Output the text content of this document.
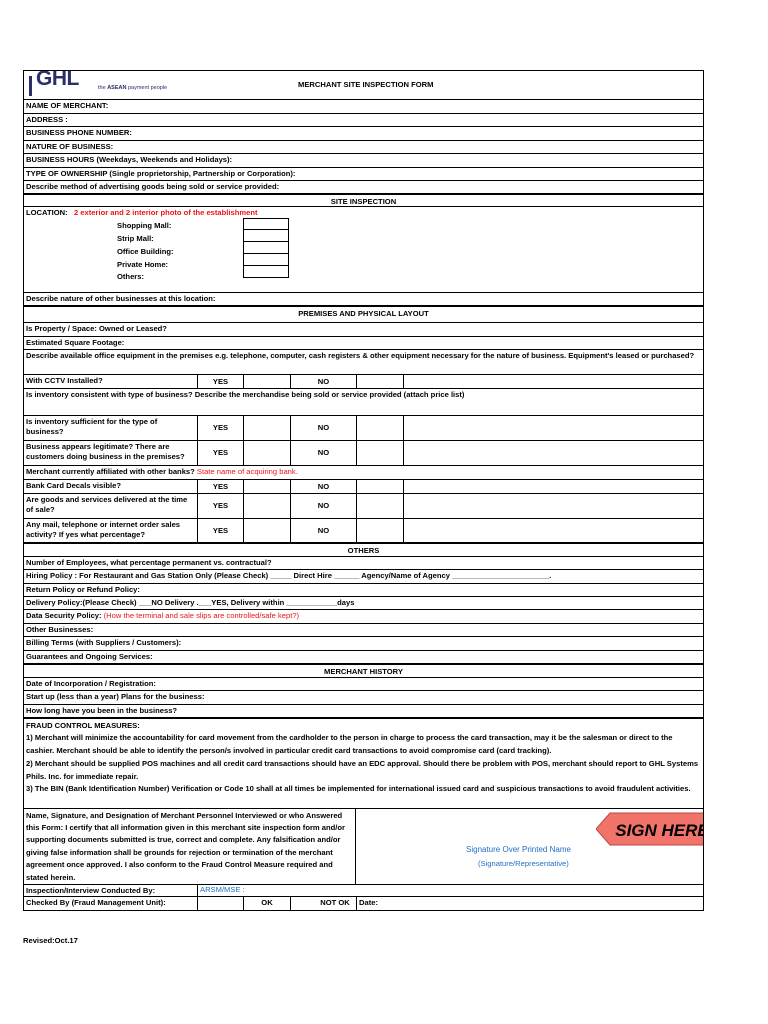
GHL	the ASEAN payment people	MERCHANT SITE INSPECTION FORM
NAME OF MERCHANT:
ADDRESS :
BUSINESS PHONE NUMBER:
NATURE OF BUSINESS:
BUSINESS HOURS (Weekdays, Weekends and Holidays):
TYPE OF OWNERSHIP (Single proprietorship, Partnership or Corporation):
Describe method of advertising goods being sold or service provided:
SITE INSPECTION
LOCATION: 2 exterior and 2 interior photo of the establishment
Shopping Mall:
Strip Mall:
Office Building:
Private Home:
Others:
Describe nature of other businesses at this location:
PREMISES AND PHYSICAL LAYOUT
Is Property / Space: Owned or Leased?
Estimated Square Footage:
Describe available office equipment in the premises e.g. telephone, computer, cash registers & other equipment necessary for the nature of business. Equipment's leased or purchased?
With CCTV Installed?	YES	NO
Is inventory consistent with type of business? Describe the merchandise being sold or service provided (attach price list)
Is inventory sufficient for the type of business?	YES	NO
Business appears legitimate? There are customers doing business in the premises?	YES	NO
Merchant currently affiliated with other banks? State name of acquiring bank.
Bank Card Decals visible?	YES	NO
Are goods and services delivered at the time of sale?	YES	NO
Any mail, telephone or internet order sales activity? If yes what percentage?	YES	NO
OTHERS
Number of Employees, what percentage permanent vs. contractual?
Hiring Policy : For Restaurant and Gas Station Only (Please Check) _____ Direct Hire ______ Agency/Name of Agency _______________________.
Return Policy or Refund Policy:
Delivery Policy:(Please Check) ___NO Delivery .___YES, Delivery within ____________days
Data Security Policy: (How the terminal and sale slips are controlled/safe kept?)
Other Businesses:
Billing Terms (with Suppliers / Customers):
Guarantees and Ongoing Services:
MERCHANT HISTORY
Date of Incorporation / Registration:
Start up (less than a year) Plans for the business:
How long have you been in the business?
FRAUD CONTROL MEASURES:
1) Merchant will minimize the accountability for card movement from the cardholder to the person in charge to process the card transaction, may it be the salesman or direct to the cashier. Merchant should be able to identify the person/s involved in particular credit card transactions to avoid compromise card (card tracking).
2) Merchant should be supplied POS machines and all credit card transactions should have an EDC approval. Should there be problem with POS, merchant should report to GHL Systems Phils. Inc. for immediate repair.
3) The BIN (Bank Identification Number) Verification or Code 10 shall at all times be implemented for international issued card and suspicious transactions to avoid fraudulent activities.
Name, Signature, and Designation of Merchant Personnel Interviewed or who Answered this Form: I certify that all information given in this merchant site inspection form and/or supporting documents submitted is true, correct and complete. Any falsification and/or giving false information shall be grounds for rejection or termination of the merchant agreement once approved. I also conform to the Fraud Control Measure required and stated herein.
SIGN HERE
Signature Over Printed Name
(Signature/Representative)
Inspection/Interview Conducted By:	ARSM/MSE :
Checked By (Fraud Management Unit):	OK	NOT OK	Date:
Revised:Oct.17
